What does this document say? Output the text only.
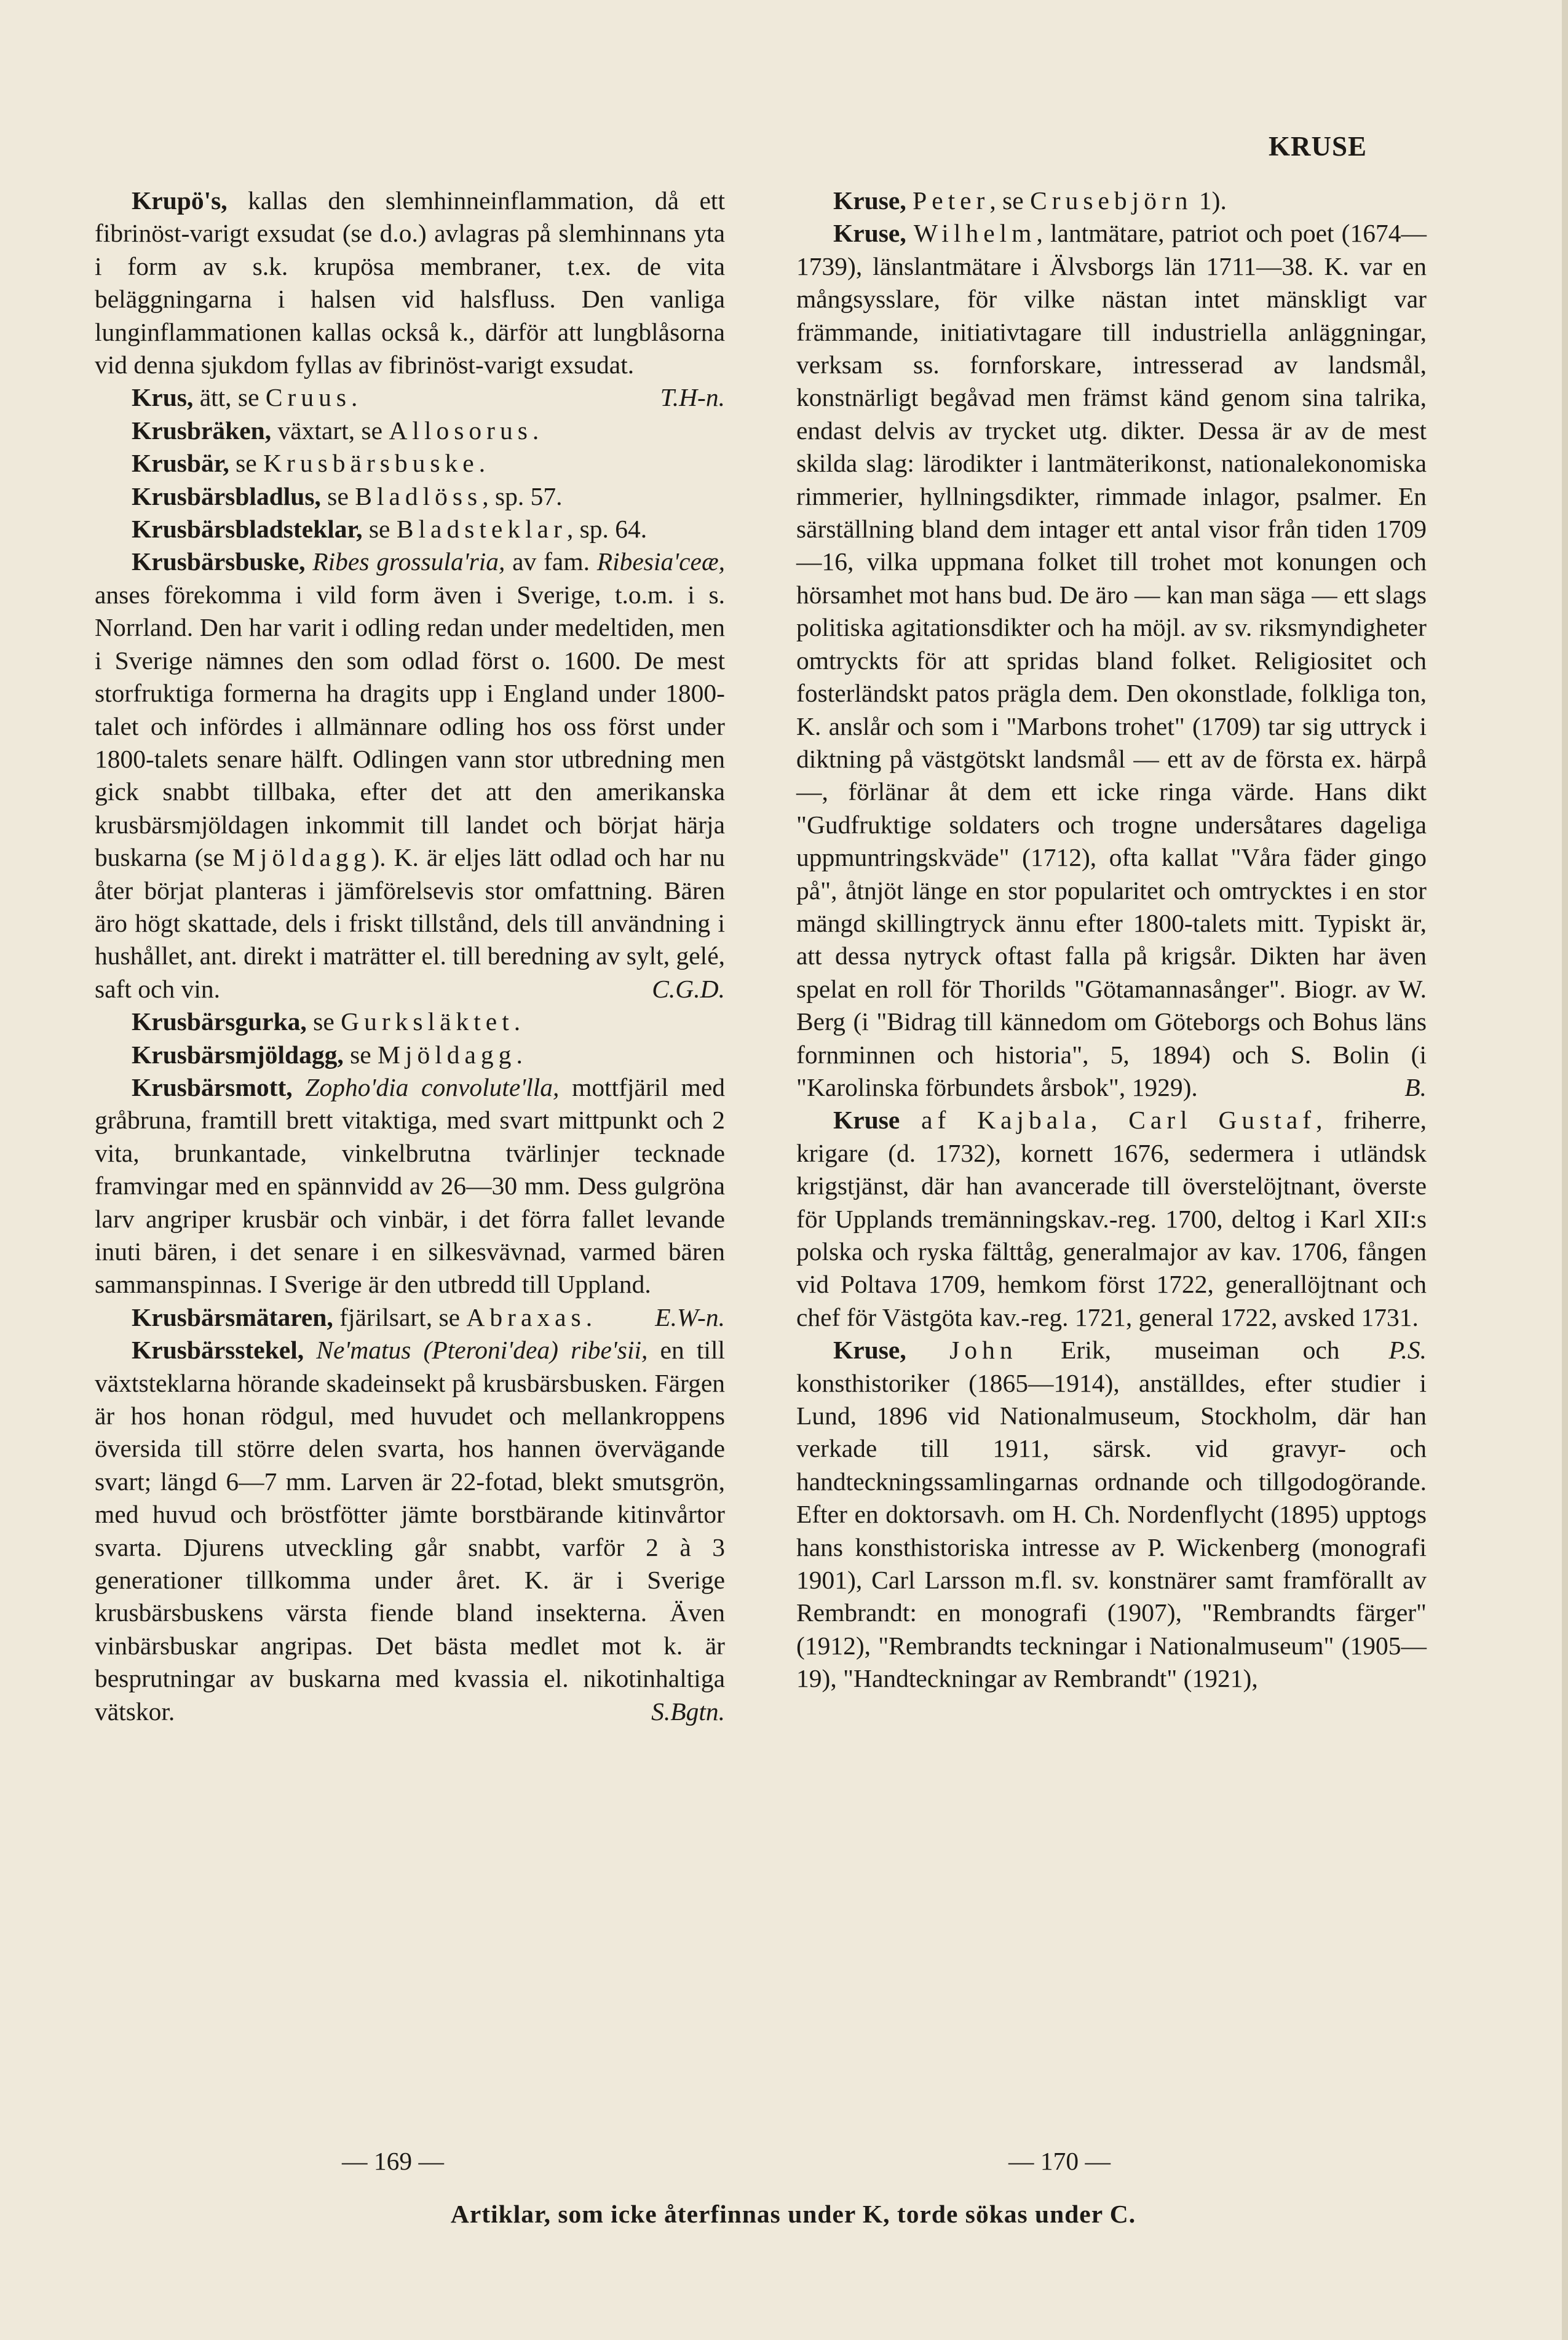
KRUSE

Krupö's, kallas den slemhinneinflammation, då ett fibrinöst-varigt exsudat (se d.o.) avlagras på slemhinnans yta i form av s.k. krupösa membraner, t.ex. de vita beläggningarna i halsen vid halsfluss. Den vanliga lunginflammationen kallas också k., därför att lungblåsorna vid denna sjukdom fyllas av fibrinöst-varigt exsudat.
T.H-n.

Krus, ätt, se Cruus.

Krusbräken, växtart, se Allosorus.

Krusbär, se Krusbärsbuske.

Krusbärsbladlus, se Bladlöss, sp. 57.

Krusbärsbladsteklar, se Bladsteklar, sp. 64.

Krusbärsbuske, Ribes grossula'ria, av fam. Ribesia'ceæ, anses förekomma i vild form även i Sverige, t.o.m. i s. Norrland. Den har varit i odling redan under medeltiden, men i Sverige nämnes den som odlad först o. 1600. De mest storfruktiga formerna ha dragits upp i England under 1800-talet och infördes i allmännare odling hos oss först under 1800-talets senare hälft. Odlingen vann stor utbredning men gick snabbt tillbaka, efter det att den amerikanska krusbärsmjöldagen inkommit till landet och börjat härja buskarna (se Mjöldagg). K. är eljes lätt odlad och har nu åter börjat planteras i jämförelsevis stor omfattning. Bären äro högt skattade, dels i friskt tillstånd, dels till användning i hushållet, ant. direkt i maträtter el. till beredning av sylt, gelé, saft och vin.	C.G.D.

Krusbärsgurka, se Gurksläktet.

Krusbärsmjöldagg, se Mjöldagg.

Krusbärsmott, Zopho'dia convolute'lla, mottfjäril med gråbruna, framtill brett vitaktiga, med svart mittpunkt och 2 vita, brunkantade, vinkelbrutna tvärlinjer tecknade framvingar med en spännvidd av 26—30 mm. Dess gulgröna larv angriper krusbär och vinbär, i det förra fallet levande inuti bären, i det senare i en silkesvävnad, varmed bären sammanspinnas. I Sverige är den utbredd till Uppland.
E.W-n.

Krusbärsmätaren, fjärilsart, se Abraxas.

Krusbärsstekel, Ne'matus (Pteroni'dea) ribe'sii, en till växtsteklarna hörande skadeinsekt på krusbärsbusken. Färgen är hos honan rödgul, med huvudet och mellankroppens översida till större delen svarta, hos hannen övervägande svart; längd 6—7 mm. Larven är 22-fotad, blekt smutsgrön, med huvud och bröstfötter jämte borstbärande kitinvårtor svarta. Djurens utveckling går snabbt, varför 2 à 3 generationer tillkomma under året. K. är i Sverige krusbärsbuskens värsta fiende bland insekterna. Även vinbärsbuskar angripas. Det bästa medlet mot k. är besprutningar av buskarna med kvassia el. nikotinhaltiga vätskor.	S.Bgtn.

Kruse, Peter, se Crusebjörn 1).

Kruse, Wilhelm, lantmätare, patriot och poet (1674—1739), länslantmätare i Älvsborgs län 1711—38. K. var en mångsysslare, för vilke nästan intet mänskligt var främmande, initiativtagare till industriella anläggningar, verksam ss. fornforskare, intresserad av landsmål, konstnärligt begåvad men främst känd genom sina talrika, endast delvis av trycket utg. dikter. Dessa är av de mest skilda slag: lärodikter i lantmäterikonst, nationalekonomiska rimmerier, hyllningsdikter, rimmade inlagor, psalmer. En särställning bland dem intager ett antal visor från tiden 1709—16, vilka uppmana folket till trohet mot konungen och hörsamhet mot hans bud. De äro — kan man säga — ett slags politiska agitationsdikter och ha möjl. av sv. riksmyndigheter omtryckts för att spridas bland folket. Religiositet och fosterländskt patos präglа dem. Den okonstlade, folkliga ton, K. anslår och som i "Marbons trohet" (1709) tar sig uttryck i diktning på västgötskt landsmål — ett av de första ex. härpå —, förlänar åt dem ett icke ringa värde. Hans dikt "Gudfruktige soldaters och trogne undersåtares dageliga uppmuntringskväde" (1712), ofta kallat "Våra fäder gingo på", åtnjöt länge en stor popularitet och omtrycktes i en stor mängd skillingtryck ännu efter 1800-talets mitt. Typiskt är, att dessa nytryck oftast falla på krigsår. Dikten har även spelat en roll för Thorilds "Götamannasånger". Biogr. av W. Berg (i "Bidrag till kännedom om Göteborgs och Bohus läns fornminnen och historia", 5, 1894) och S. Bolin (i "Karolinska förbundets årsbok", 1929).	B.

Kruse af Kajbala, Carl Gustaf, friherre, krigare (d. 1732), kornett 1676, sedermera i utländsk krigstjänst, där han avancerade till överstelöjtnant, överste för Upplands tremänningskav.-reg. 1700, deltog i Karl XII:s polska och ryska fälttåg, generalmajor av kav. 1706, fången vid Poltava 1709, hemkom först 1722, generallöjtnant och chef för Västgöta kav.-reg. 1721, general 1722, avsked 1731.
P.S.

Kruse, John Erik, museiman och konsthistoriker (1865—1914), anställdes, efter studier i Lund, 1896 vid Nationalmuseum, Stockholm, där han verkade till 1911, särsk. vid gravyr- och handteckningssamlingarnas ordnande och tillgodogörande. Efter en doktorsavh. om H. Ch. Nordenflycht (1895) upptogs hans konsthistoriska intresse av P. Wickenberg (monografi 1901), Carl Larsson m.fl. sv. konstnärer samt framförallt av Rembrandt: en monografi (1907), "Rembrandts färger" (1912), "Rembrandts teckningar i Nationalmuseum" (1905—19), "Handteckningar av Rembrandt" (1921),

— 169 —	— 170 —
Artiklar, som icke återfinnas under K, torde sökas under C.
